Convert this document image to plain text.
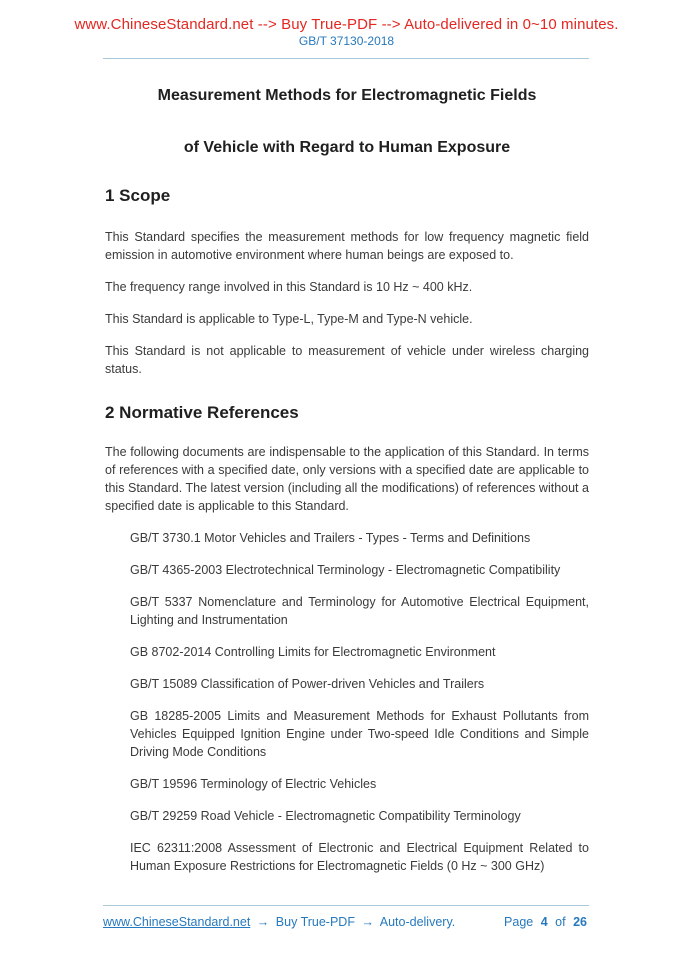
www.ChineseStandard.net --> Buy True-PDF --> Auto-delivered in 0~10 minutes.
GB/T 37130-2018
Measurement Methods for Electromagnetic Fields
of Vehicle with Regard to Human Exposure
1 Scope

This Standard specifies the measurement methods for low frequency magnetic field emission in automotive environment where human beings are exposed to.

The frequency range involved in this Standard is 10 Hz ~ 400 kHz.

This Standard is applicable to Type-L, Type-M and Type-N vehicle.

This Standard is not applicable to measurement of vehicle under wireless charging status.

2 Normative References

The following documents are indispensable to the application of this Standard. In terms of references with a specified date, only versions with a specified date are applicable to this Standard. The latest version (including all the modifications) of references without a specified date is applicable to this Standard.

GB/T 3730.1 Motor Vehicles and Trailers - Types - Terms and Definitions

GB/T 4365-2003 Electrotechnical Terminology - Electromagnetic Compatibility

GB/T 5337 Nomenclature and Terminology for Automotive Electrical Equipment, Lighting and Instrumentation

GB 8702-2014 Controlling Limits for Electromagnetic Environment

GB/T 15089 Classification of Power-driven Vehicles and Trailers

GB 18285-2005 Limits and Measurement Methods for Exhaust Pollutants from Vehicles Equipped Ignition Engine under Two-speed Idle Conditions and Simple Driving Mode Conditions

GB/T 19596 Terminology of Electric Vehicles

GB/T 29259 Road Vehicle - Electromagnetic Compatibility Terminology

IEC 62311:2008 Assessment of Electronic and Electrical Equipment Related to Human Exposure Restrictions for Electromagnetic Fields (0 Hz ~ 300 GHz)

www.ChineseStandard.net → Buy True-PDF → Auto-delivery.	Page 4 of 26
